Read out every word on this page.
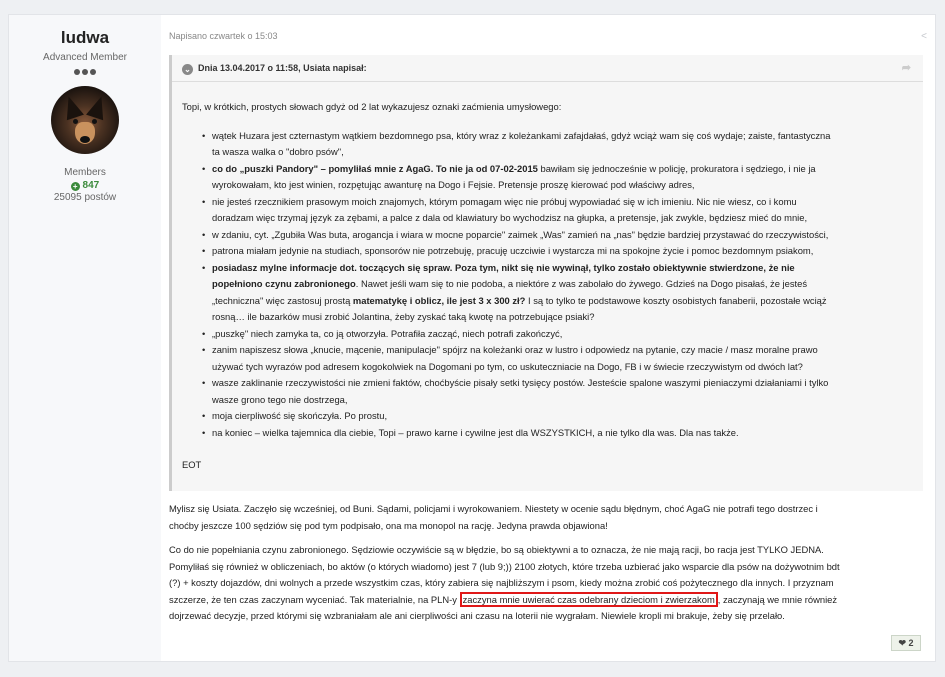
ludwa
Advanced Member
Members
+ 847
25095 postów
Napisano czwartek o 15:03	<
⌄ Dnia 13.04.2017 o 11:58, Usiata napisał:	➦
Topi, w krótkich, prostych słowach gdyż od 2 lat wykazujesz oznaki zaćmienia umysłowego:
• wątek Huzara jest czternastym wątkiem bezdomnego psa, który wraz z koleżankami zafajdałaś, gdyż wciąż wam się coś wydaje; zaiste, fantastyczna
ta wasza walka o "dobro psów",
• co do „puszki Pandory" – pomyliłaś mnie z AgaG. To nie ja od 07-02-2015 bawiłam się jednocześnie w policję, prokuratora i sędziego, i nie ja
wyrokowałam, kto jest winien, rozpętując awanturę na Dogo i Fejsie. Pretensje proszę kierować pod właściwy adres,
• nie jesteś rzecznikiem prasowym moich znajomych, którym pomagam więc nie próbuj wypowiadać się w ich imieniu. Nic nie wiesz, co i komu
doradzam więc trzymaj język za zębami, a palce z dala od klawiatury bo wychodzisz na głupka, a pretensje, jak zwykle, będziesz mieć do mnie,
• w zdaniu, cyt. „Zgubiła Was buta, arogancja i wiara w mocne poparcie" zaimek „Was" zamień na „nas" będzie bardziej przystawać do rzeczywistości,
• patrona miałam jedynie na studiach, sponsorów nie potrzebuję, pracuję uczciwie i wystarcza mi na spokojne życie i pomoc bezdomnym psiakom,
• posiadasz mylne informacje dot. toczących się spraw. Poza tym, nikt się nie wywinął, tylko zostało obiektywnie stwierdzone, że nie
popełniono czynu zabronionego. Nawet jeśli wam się to nie podoba, a niektóre z was zabolało do żywego. Gdzieś na Dogo pisałaś, że jesteś
„techniczna" więc zastosuj prostą matematykę i oblicz, ile jest 3 x 300 zł? I są to tylko te podstawowe koszty osobistych fanaberii, pozostałe wciąż
rosną… ile bazarków musi zrobić Jolantina, żeby zyskać taką kwotę na potrzebujące psiaki?
• „puszkę" niech zamyka ta, co ją otworzyła. Potrafiła zacząć, niech potrafi zakończyć,
• zanim napiszesz słowa „knucie, mącenie, manipulacje" spójrz na koleżanki oraz w lustro i odpowiedz na pytanie, czy macie / masz moralne prawo
używać tych wyrazów pod adresem kogokolwiek na Dogomani po tym, co uskuteczniacie na Dogo, FB i w świecie rzeczywistym od dwóch lat?
• wasze zaklinanie rzeczywistości nie zmieni faktów, choćbyście pisały setki tysięcy postów. Jesteście spalone waszymi pieniaczymi działaniami i tylko
wasze grono tego nie dostrzega,
• moja cierpliwość się skończyła. Po prostu,
• na koniec – wielka tajemnica dla ciebie, Topi – prawo karne i cywilne jest dla WSZYSTKICH, a nie tylko dla was. Dla nas także.
EOT

Mylisz się Usiata. Zaczęło się wcześniej, od Buni. Sądami, policjami i wyrokowaniem. Niestety w ocenie sądu błędnym, choć AgaG nie potrafi tego dostrzec i
choćby jeszcze 100 sędziów się pod tym podpisało, ona ma monopol na rację. Jedyna prawda objawiona!

Co do nie popełniania czynu zabronionego. Sędziowie oczywiście są w błędzie, bo są obiektywni a to oznacza, że nie mają racji, bo racja jest TYLKO JEDNA.
Pomyliłaś się również w obliczeniach, bo aktów (o których wiadomo) jest 7 (lub 9;)) 2100 złotych, które trzeba uzbierać jako wsparcie dla psów na dożywotnim bdt
(?) + koszty dojazdów, dni wolnych a przede wszystkim czas, który zabiera się najbliższym i psom, kiedy można zrobić coś pożytecznego dla innych. I przyznam
szczerze, że ten czas zaczynam wyceniać. Tak materialnie, na PLN-y zaczyna mnie uwierać czas odebrany dzieciom i zwierzakom , zaczynają we mnie również
dojrzewać decyzje, przed którymi się wzbraniałam ale ani cierpliwości ani czasu na loterii nie wygrałam. Niewiele kropli mi brakuje, żeby się przelało.

❤ 2
